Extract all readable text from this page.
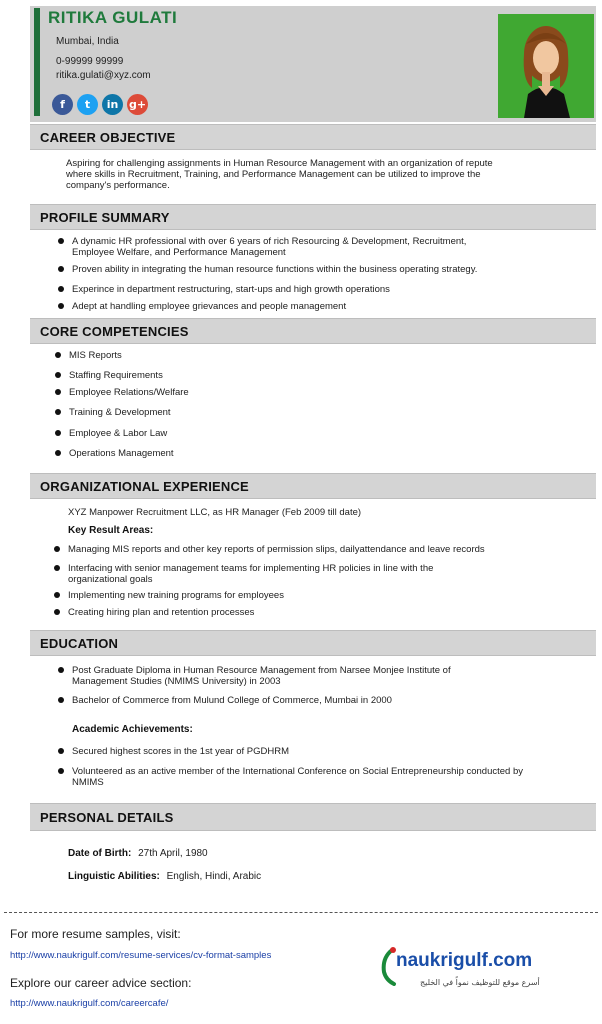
RITIKA GULATI
Mumbai, India
0-99999 99999
ritika.gulati@xyz.com
f	t	in g+
CAREER OBJECTIVE
Aspiring for challenging assignments in Human Resource Management with an organization of repute
where skills in Recruitment, Training, and Performance Management can be utilized to improve the
company's performance.
PROFILE SUMMARY
A dynamic HR professional with over 6 years of rich Resourcing & Development, Recruitment,
Employee Welfare, and Performance Management
Proven ability in integrating the human resource functions within the business operating strategy.
Experince in department restructuring, start-ups and high growth operations
Adept at handling employee grievances and people management
CORE COMPETENCIES
MIS Reports
Staffing Requirements
Employee Relations/Welfare
Training & Development
Employee & Labor Law
Operations Management
ORGANIZATIONAL EXPERIENCE
XYZ Manpower Recruitment LLC, as HR Manager (Feb 2009 till date)
Key Result Areas:
Managing MIS reports and other key reports of permission slips, dailyattendance and leave records
Interfacing with senior management teams for implementing HR policies in line with the
organizational goals
Implementing new training programs for employees
Creating hiring plan and retention processes
EDUCATION
Post Graduate Diploma in Human Resource Management from Narsee Monjee Institute of
Management Studies (NMIMS University) in 2003
Bachelor of Commerce from Mulund College of Commerce, Mumbai in 2000
Academic Achievements:
Secured highest scores in the 1st year of PGDHRM
Volunteered as an active member of the International Conference on Social Entrepreneurship conducted by
NMIMS
PERSONAL DETAILS
Date of Birth: 27th April, 1980
Linguistic Abilities: English, Hindi, Arabic
For more resume samples, visit:
http://www.naukrigulf.com/resume-services/cv-format-samples
Explore our career advice section:
http://www.naukrigulf.com/careercafe/
naukrigulf.com
أسرع موقع للتوظيف نمواً في الخليج
